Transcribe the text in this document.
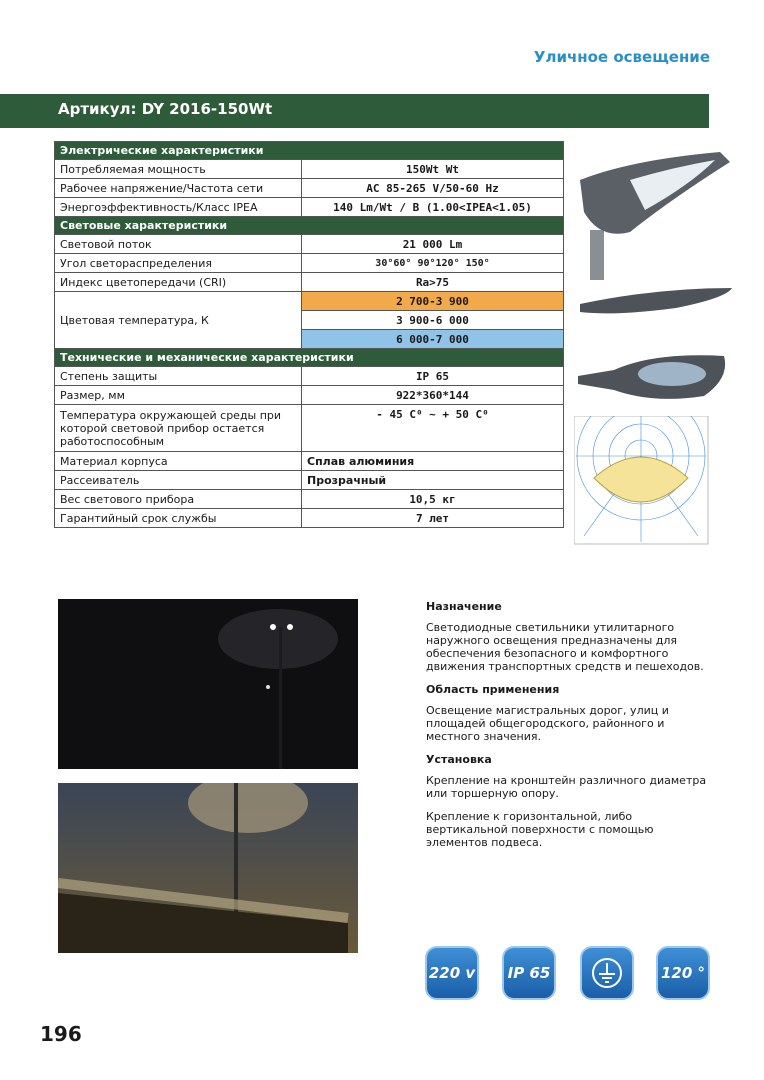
Уличное освещение
Артикул: DY 2016-150Wt
Электрические характеристики	
Потребляемая мощность	150Wt Wt
Рабочее напряжение/Частота сети	AC 85-265 V/50-60 Hz
Энергоэффективность/Класс IPEA	140 Lm/Wt / B (1.00<IPEA<1.05)
Световые характеристики	
Световой поток	21 000 Lm
Угол светораспределения	30°60° 90°120° 150°
Индекс цветопередачи (CRI)	Ra>75
Цветовая температура, К	2 700-3 900
	3 900-6 000
	6 000-7 000
Технические и механические характеристики	
Степень защиты	IP 65
Размер, мм	922*360*144
Температура окружающей среды при которой световой прибор остается работоспособным	- 45 C⁰ ~ + 50 C⁰
Материал корпуса	Сплав алюминия
Рассеиватель	Прозрачный
Вес светового прибора	10,5 кг
Гарантийный срок службы	7 лет
Назначение

Светодиодные светильники утилитарного наружного освещения предназначены для обеспечения безопасного и комфортного движения транспортных средств и пешеходов.

Область применения

Освещение магистральных дорог, улиц и площадей общегородского, районного и местного значения.

Установка

Крепление на кронштейн различного диаметра или торшерную опору.

Крепление к горизонтальной, либо вертикальной поверхности с помощью элементов подвеса.

220 v IP 65	120 °
196
